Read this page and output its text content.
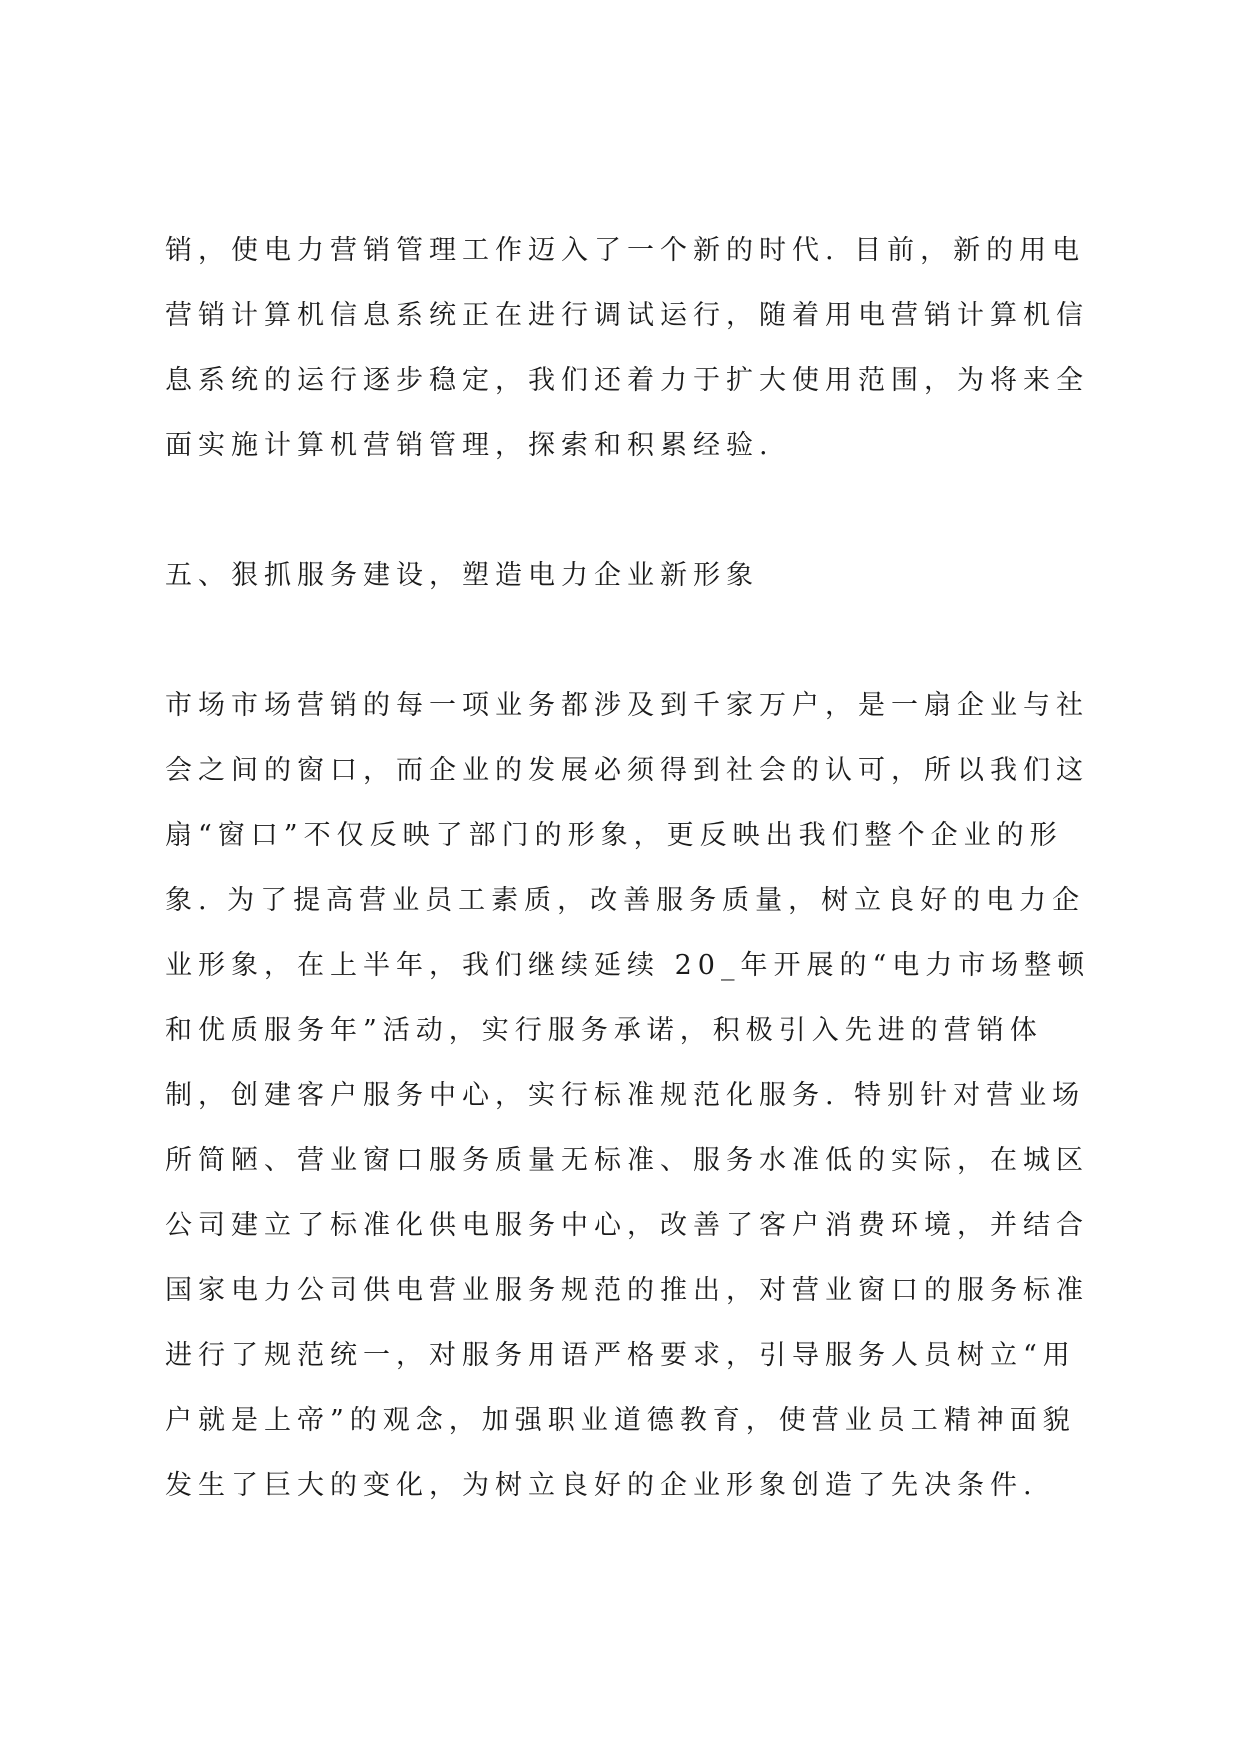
销，使电力营销管理工作迈入了一个新的时代. 目前，新的用电
营销计算机信息系统正在进行调试运行，随着用电营销计算机信
息系统的运行逐步稳定，我们还着力于扩大使用范围，为将来全
面实施计算机营销管理，探索和积累经验.
五、狠抓服务建设，塑造电力企业新形象
市场市场营销的每一项业务都涉及到千家万户，是一扇企业与社
会之间的窗口，而企业的发展必须得到社会的认可，所以我们这
扇“窗口”不仅反映了部门的形象，更反映出我们整个企业的形
象. 为了提高营业员工素质，改善服务质量，树立良好的电力企
业形象，在上半年，我们继续延续 20_年开展的“电力市场整顿
和优质服务年”活动，实行服务承诺，积极引入先进的营销体
制，创建客户服务中心，实行标准规范化服务. 特别针对营业场
所简陋、营业窗口服务质量无标准、服务水准低的实际，在城区
公司建立了标准化供电服务中心，改善了客户消费环境，并结合
国家电力公司供电营业服务规范的推出，对营业窗口的服务标准
进行了规范统一，对服务用语严格要求，引导服务人员树立“用
户就是上帝”的观念，加强职业道德教育，使营业员工精神面貌
发生了巨大的变化，为树立良好的企业形象创造了先决条件.
